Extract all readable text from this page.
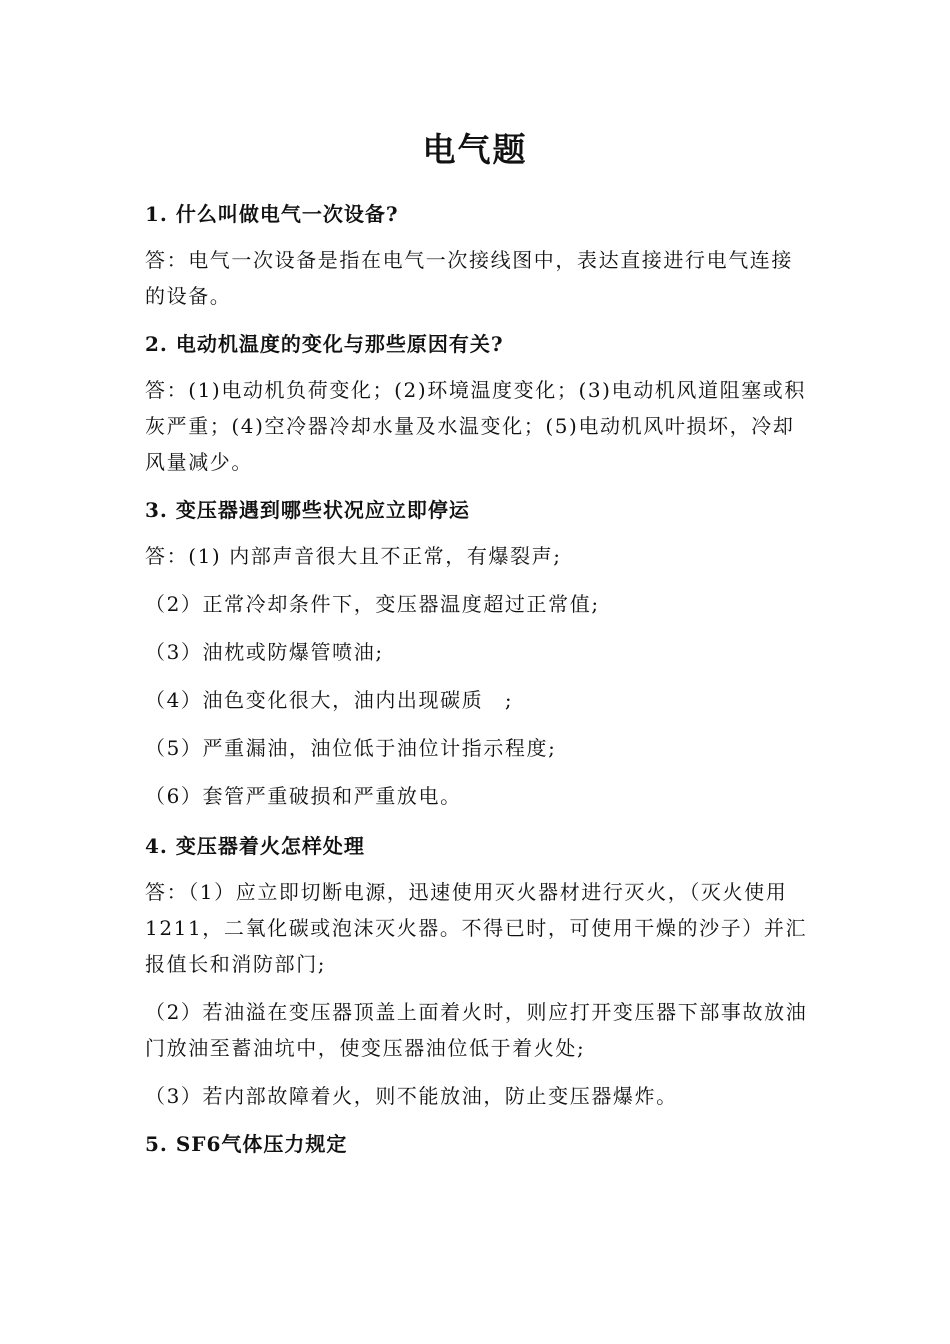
电气题
1. 什么叫做电气一次设备?
答：电气一次设备是指在电气一次接线图中，表达直接进行电气连接的设备。
2. 电动机温度的变化与那些原因有关?
答：(1)电动机负荷变化；(2)环境温度变化；(3)电动机风道阻塞或积灰严重；(4)空冷器冷却水量及水温变化；(5)电动机风叶损坏，冷却风量减少。
3. 变压器遇到哪些状况应立即停运
答：(1) 内部声音很大且不正常，有爆裂声;
（2）正常冷却条件下，变压器温度超过正常值;
（3）油枕或防爆管喷油;
（4）油色变化很大，油内出现碳质　;
（5）严重漏油，油位低于油位计指示程度;
（6）套管严重破损和严重放电。
4. 变压器着火怎样处理
答：（1）应立即切断电源，迅速使用灭火器材进行灭火，（灭火使用 1211，二氧化碳或泡沫灭火器。不得已时，可使用干燥的沙子）并汇报值长和消防部门;
（2）若油溢在变压器顶盖上面着火时，则应打开变压器下部事故放油门放油至蓄油坑中，使变压器油位低于着火处;
（3）若内部故障着火，则不能放油，防止变压器爆炸。
5. SF6气体压力规定
